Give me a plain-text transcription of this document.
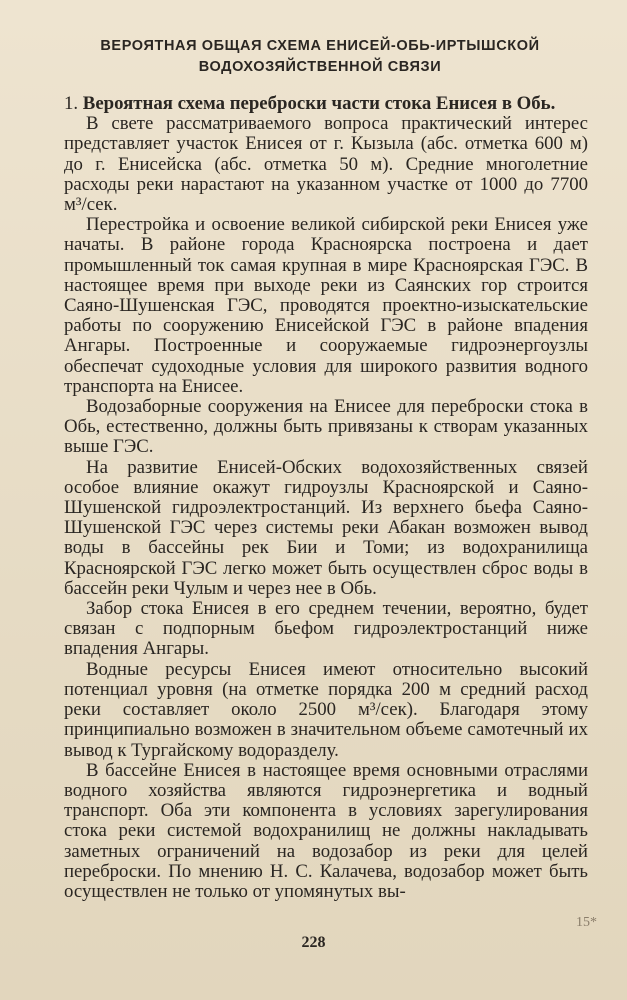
ВЕРОЯТНАЯ ОБЩАЯ СХЕМА ЕНИСЕЙ-ОБЬ-ИРТЫШСКОЙ
ВОДОХОЗЯЙСТВЕННОЙ СВЯЗИ

1. Вероятная схема переброски части стока Енисея в Обь.

В свете рассматриваемого вопроса практический интерес представляет участок Енисея от г. Кызыла (абс. отметка 600 м) до г. Енисейска (абс. отметка 50 м). Средние многолетние расходы реки нарастают на указанном участке от 1000 до 7700 м³/сек.

Перестройка и освоение великой сибирской реки Енисея уже начаты. В районе города Красноярска построена и дает промышленный ток самая крупная в мире Красноярская ГЭС. В настоящее время при выходе реки из Саянских гор строится Саяно-Шушенская ГЭС, проводятся проектно-изыскательские работы по сооружению Енисейской ГЭС в районе впадения Ангары. Построенные и сооружаемые гидроэнергоузлы обеспечат судоходные условия для широкого развития водного транспорта на Енисее.

Водозаборные сооружения на Енисее для переброски стока в Обь, естественно, должны быть привязаны к створам указанных выше ГЭС.

На развитие Енисей-Обских водохозяйственных связей особое влияние окажут гидроузлы Красноярской и Саяно-Шушенской гидроэлектростанций. Из верхнего бьефа Саяно-Шушенской ГЭС через системы реки Абакан возможен вывод воды в бассейны рек Бии и Томи; из водохранилища Красноярской ГЭС легко может быть осуществлен сброс воды в бассейн реки Чулым и через нее в Обь.

Забор стока Енисея в его среднем течении, вероятно, будет связан с подпорным бьефом гидроэлектростанций ниже впадения Ангары.

Водные ресурсы Енисея имеют относительно высокий потенциал уровня (на отметке порядка 200 м средний расход реки составляет около 2500 м³/сек). Благодаря этому принципиально возможен в значительном объеме самотечный их вывод к Тургайскому водоразделу.

В бассейне Енисея в настоящее время основными отраслями водного хозяйства являются гидроэнергетика и водный транспорт. Оба эти компонента в условиях зарегулирования стока реки системой водохранилищ не должны накладывать заметных ограничений на водозабор из реки для целей переброски. По мнению Н. С. Калачева, водозабор может быть осуществлен не только от упомянутых вы-

15*
228
